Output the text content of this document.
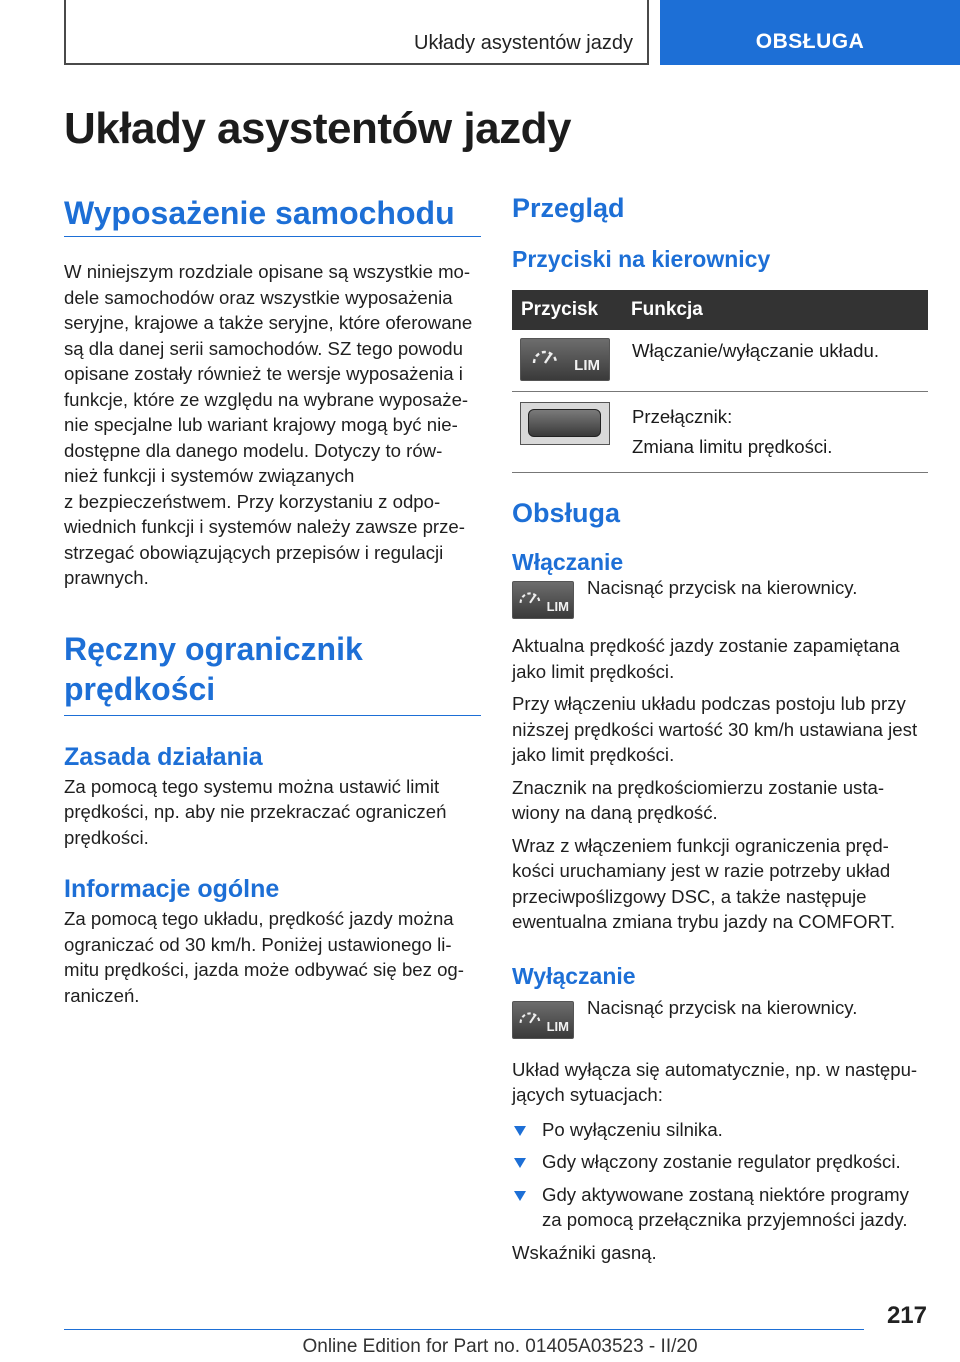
Układy asystentów jazdy	OBSŁUGA
Układy asystentów jazdy
Wyposażenie samochodu
W niniejszym rozdziale opisane są wszystkie mo‐
dele samochodów oraz wszystkie wyposażenia
seryjne, krajowe a także seryjne, które oferowane
są dla danej serii samochodów. SZ tego powodu
opisane zostały również te wersje wyposażenia i
funkcje, które ze względu na wybrane wyposaże‐
nie specjalne lub wariant krajowy mogą być nie‐
dostępne dla danego modelu. Dotyczy to rów‐
nież funkcji i systemów związanych
z bezpieczeństwem. Przy korzystaniu z odpo‐
wiednich funkcji i systemów należy zawsze prze‐
strzegać obowiązujących przepisów i regulacji
prawnych.
Ręczny ogranicznik
prędkości
Zasada działania
Za pomocą tego systemu można ustawić limit
prędkości, np. aby nie przekraczać ograniczeń
prędkości.
Informacje ogólne
Za pomocą tego układu, prędkość jazdy można
ograniczać od 30 km/h. Poniżej ustawionego li‐
mitu prędkości, jazda może odbywać się bez og‐
raniczeń.
Przegląd
Przyciski na kierownicy
Przycisk	Funkcja

LIM	Włączanie/wyłączanie układu.

	Przełącznik:
Zmiana limitu prędkości.
Obsługa
Włączanie
LIM
Nacisnąć przycisk na kierownicy.
Aktualna prędkość jazdy zostanie zapamiętana
jako limit prędkości.
Przy włączeniu układu podczas postoju lub przy
niższej prędkości wartość 30 km/h ustawiana jest
jako limit prędkości.
Znacznik na prędkościomierzu zostanie usta‐
wiony na daną prędkość.
Wraz z włączeniem funkcji ograniczenia pręd‐
kości uruchamiany jest w razie potrzeby układ
przeciwpoślizgowy DSC, a także następuje
ewentualna zmiana trybu jazdy na COMFORT.
Wyłączanie
LIM
Nacisnąć przycisk na kierownicy.
Układ wyłącza się automatycznie, np. w następu‐
jących sytuacjach:
Po wyłączeniu silnika.
Gdy włączony zostanie regulator prędkości.
Gdy aktywowane zostaną niektóre programy
za pomocą przełącznika przyjemności jazdy.
Wskaźniki gasną.
217
Online Edition for Part no. 01405A03523 - II/20
